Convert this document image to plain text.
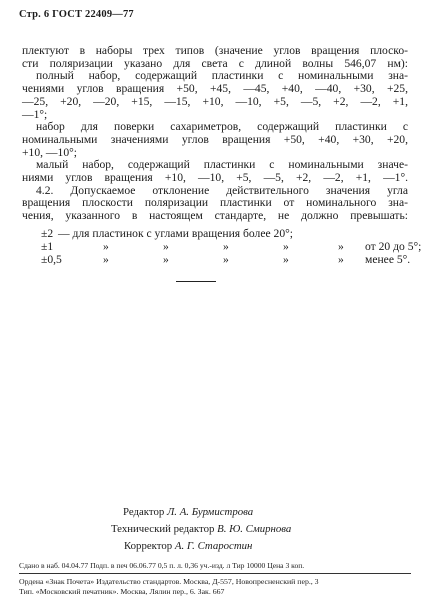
Стр. 6 ГОСТ 22409—77
плектуют в наборы трех типов (значение углов вращения плоско-
сти поляризации указано для света с длиной волны 546,07 нм):
полный набор, содержащий пластинки с номинальными зна-
чениями углов вращения +50, +45, —45, +40, —40, +30, +25,
—25, +20, —20, +15, —15, +10, —10, +5, —5, +2, —2, +1,
—1°;
набор для поверки сахариметров, содержащий пластинки с
номинальными значениями углов вращения +50, +40, +30, +20,
+10, —10°;
малый набор, содержащий пластинки с номинальными значе-
ниями углов вращения +10, —10, +5, —5, +2, —2, +1, —1°.
4.2. Допускаемое отклонение действительного значения угла
вращения плоскости поляризации пластинки от номинального зна-
чения, указанного в настоящем стандарте, не должно превышать:
±2 — для пластинок с углами вращения более 20°;
±1	»	»	»	»	» от 20 до 5°;
±0,5	»	»	»	»	» менее 5°.
Редактор Л. А. Бурмистрова
Технический редактор В. Ю. Смирнова
Корректор А. Г. Старостин
Сдано в наб. 04.04.77 Подп. в печ 06.06.77 0,5 п. л. 0,36 уч.-изд. л Тир 10000 Цена 3 коп.
Ордена «Знак Почета» Издательство стандартов. Москва, Д-557, Новопресненский пер., 3
Тип. «Московский печатник». Москва, Лялин пер., 6. Зак. 667
